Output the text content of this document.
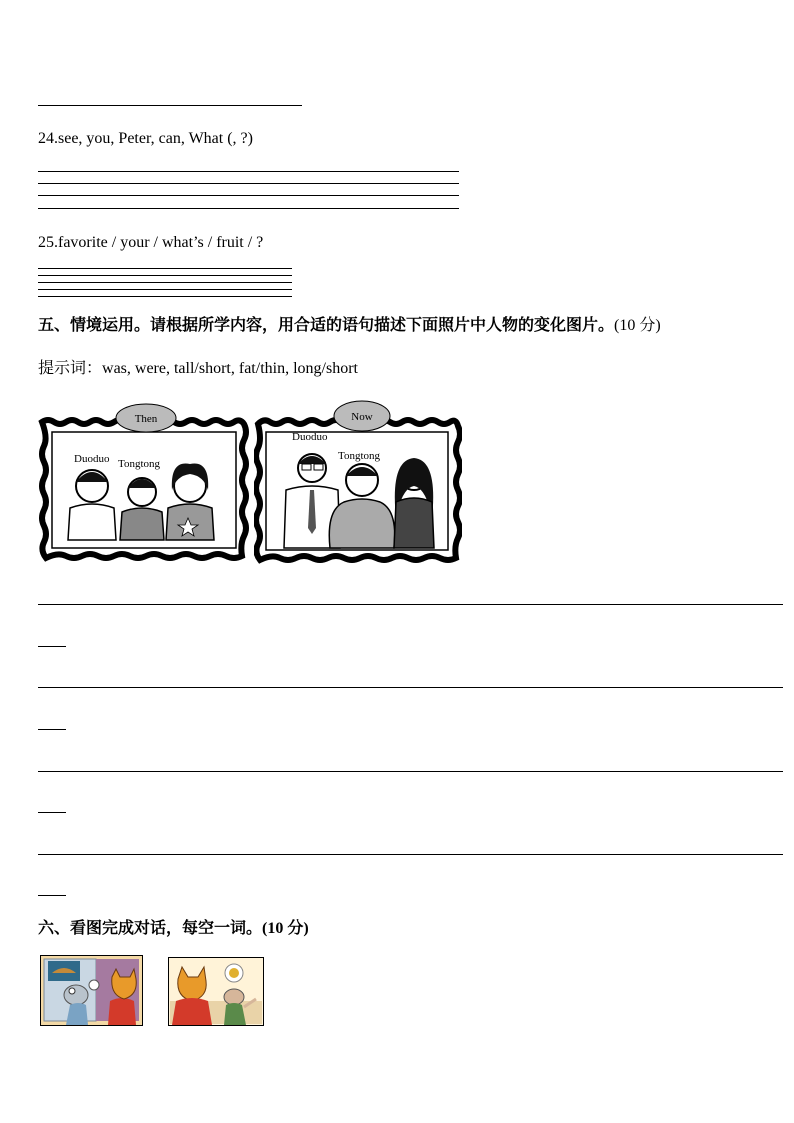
24.see, you, Peter, can, What (, ?)
25.favorite / your / what’s / fruit / ?
五、情境运用。请根据所学内容，用合适的语句描述下面照片中人物的变化图片。(10 分)
提示词：was, were, tall/short, fat/thin, long/short
Then
Duoduo Tongtong
Now
Duoduo
Tongtong
六、看图完成对话，每空一词。(10 分)
